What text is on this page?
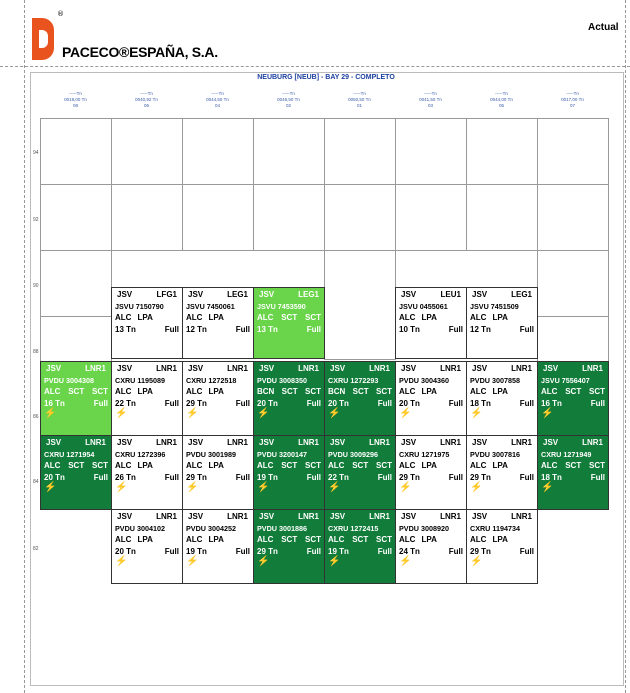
®
PACECO®ESPAÑA, S.A.
Actual
NEUBURG [NEUB] - BAY 29 - COMPLETO
-----Tn
0018,00 Tn
08
-----Tn
0040,92 Tn
06
-----Tn
0044,50 Tn
04
-----Tn
0046,50 Tn
02
-----Tn
0050,50 Tn
01
-----Tn
0041,50 Tn
03
-----Tn
0044,00 Tn
05
-----Tn
0017,00 Tn
07
94
92
90
88
86
84
82
JSV	LFG1
JSVU 7150790
ALC LPA
13 Tn	Full
JSV	LEG1
JSVU 7450061
ALC LPA
12 Tn	Full
JSV	LEG1
JSVU 7453590
ALC SCT SCT
13 Tn	Full
JSV	LEU1
JSVU 0455061
ALC LPA
10 Tn	Full
JSV	LEG1
JSVU 7451509
ALC LPA
12 Tn	Full
JSV	LNR1
PVDU 3004308
ALC SCT SCT
16 Tn	Full
⚡
JSV	LNR1
CXRU 1195089
ALC LPA
22 Tn	Full
⚡
JSV	LNR1
CXRU 1272518
ALC LPA
29 Tn	Full
⚡
JSV	LNR1
PVDU 3008350
BCN SCT SCT
20 Tn	Full
⚡
JSV	LNR1
CXRU 1272293
BCN SCT SCT
20 Tn	Full
⚡
JSV	LNR1
PVDU 3004360
ALC LPA
20 Tn	Full
⚡
JSV	LNR1
PVDU 3007858
ALC LPA
18 Tn	Full
⚡
JSV	LNR1
JSVU 7556407
ALC SCT SCT
16 Tn	Full
⚡
JSV	LNR1
CXRU 1271954
ALC SCT SCT
20 Tn	Full
⚡
JSV	LNR1
CXRU 1272396
ALC LPA
26 Tn	Full
⚡
JSV	LNR1
PVDU 3001989
ALC LPA
29 Tn	Full
⚡
JSV	LNR1
PVDU 3200147
ALC SCT SCT
19 Tn	Full
⚡
JSV	LNR1
PVDU 3009296
ALC SCT SCT
22 Tn	Full
⚡
JSV	LNR1
CXRU 1271975
ALC LPA
29 Tn	Full
⚡
JSV	LNR1
PVDU 3007816
ALC LPA
29 Tn	Full
⚡
JSV	LNR1
CXRU 1271949
ALC SCT SCT
18 Tn	Full
⚡
JSV	LNR1
PVDU 3004102
ALC LPA
20 Tn	Full
⚡
JSV	LNR1
PVDU 3004252
ALC LPA
19 Tn	Full
⚡
JSV	LNR1
PVDU 3001886
ALC SCT SCT
29 Tn	Full
⚡
JSV	LNR1
CXRU 1272415
ALC SCT SCT
19 Tn	Full
⚡
JSV	LNR1
PVDU 3008920
ALC LPA
24 Tn	Full
⚡
JSV	LNR1
CXRU 1194734
ALC LPA
29 Tn	Full
⚡
